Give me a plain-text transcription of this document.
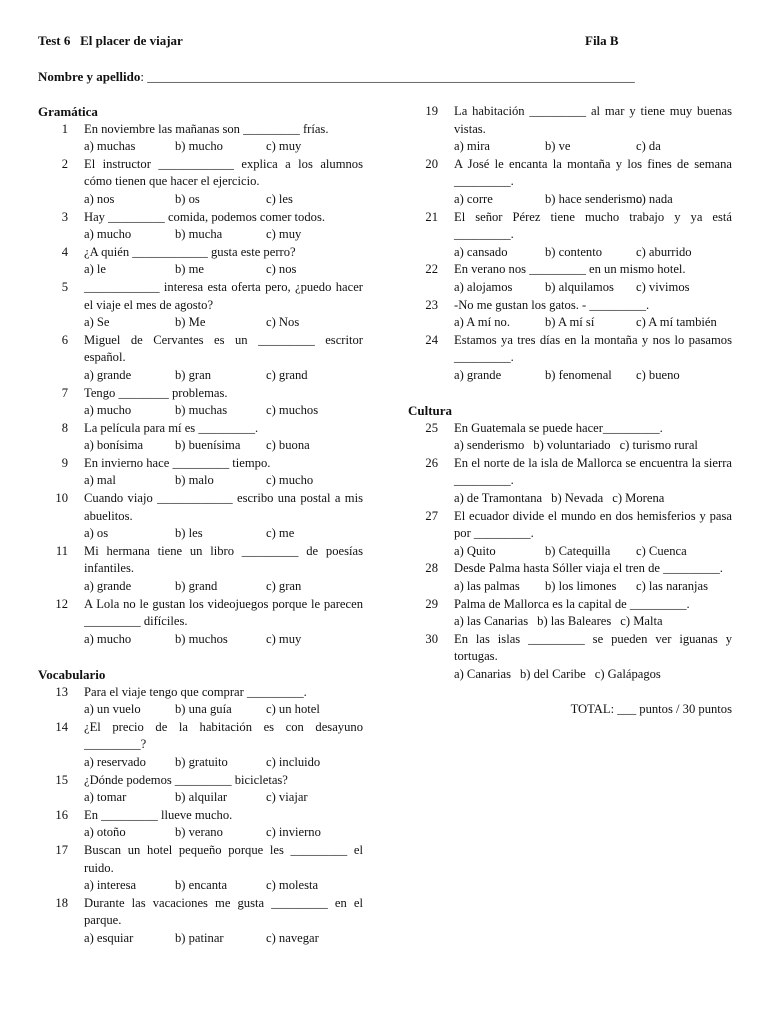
Test 6 El placer de viajar	Fila B
Nombre y apellido: ___________________________________________________________________________
Gramática
1 En noviembre las mañanas son _________ frías.
a) muchas	b) mucho	c) muy
2 El instructor ____________ explica a los alumnos cómo tienen que hacer el ejercicio.
a) nos	b) os	c) les
3 Hay _________ comida, podemos comer todos.
a) mucho	b) mucha	c) muy
4 ¿A quién ____________ gusta este perro?
a) le	b) me	c) nos
5 ____________ interesa esta oferta pero, ¿puedo hacer el viaje el mes de agosto?
a) Se	b) Me	c) Nos
6 Miguel de Cervantes es un _________ escritor español.
a) grande	b) gran	c) grand
7 Tengo ________ problemas.
a) mucho	b) muchas	c) muchos
8 La película para mí es _________.
a) bonísima	b) buenísima	c) buona
9 En invierno hace _________ tiempo.
a) mal	b) malo	c) mucho
10 Cuando viajo ____________ escribo una postal a mis abuelitos.
a) os	b) les	c) me
11 Mi hermana tiene un libro _________ de poesías infantiles.
a) grande	b) grand	c) gran
12 A Lola no le gustan los videojuegos porque le parecen _________ difíciles.
a) mucho	b) muchos	c) muy
Vocabulario
13 Para el viaje tengo que comprar _________.
a) un vuelo	b) una guía	c) un hotel
14 ¿El precio de la habitación es con desayuno _________?
a) reservado	b) gratuito	c) incluido
15 ¿Dónde podemos _________ bicicletas?
a) tomar	b) alquilar	c) viajar
16 En _________ llueve mucho.
a) otoño	b) verano	c) invierno
17 Buscan un hotel pequeño porque les _________ el ruido.
a) interesa	b) encanta	c) molesta
18 Durante las vacaciones me gusta _________ en el parque.
a) esquiar	b) patinar	c) navegar
19 La habitación _________ al mar y tiene muy buenas vistas.
a) mira	b) ve	c) da
20 A José le encanta la montaña y los fines de semana _________.
a) corre	b) hace senderismo
c) nada
21 El señor Pérez tiene mucho trabajo y ya está _________.
a) cansado	b) contento	c) aburrido
22 En verano nos _________ en un mismo hotel.
a) alojamos	b) alquilamos	c) vivimos
23 -No me gustan los gatos. - _________.
a) A mí no.	b) A mí sí	c) A mí también
24 Estamos ya tres días en la montaña y nos lo pasamos _________.
a) grande	b) fenomenal	c) bueno
Cultura
25 En Guatemala se puede hacer_________.
a) senderismo b) voluntariado c) turismo rural
26 En el norte de la isla de Mallorca se encuentra la sierra _________.
a) de Tramontana b) Nevada c) Morena
27 El ecuador divide el mundo en dos hemisferios y pasa por _________.
a) Quito	b) Catequilla	c) Cuenca
28 Desde Palma hasta Sóller viaja el tren de _________.
a) las palmas	b) los limones	c) las naranjas
29 Palma de Mallorca es la capital de _________.
a) las Canarias b) las Baleares c) Malta
30 En las islas _________ se pueden ver iguanas y tortugas.
a) Canarias b) del Caribe c) Galápagos
TOTAL: ___ puntos / 30 puntos
